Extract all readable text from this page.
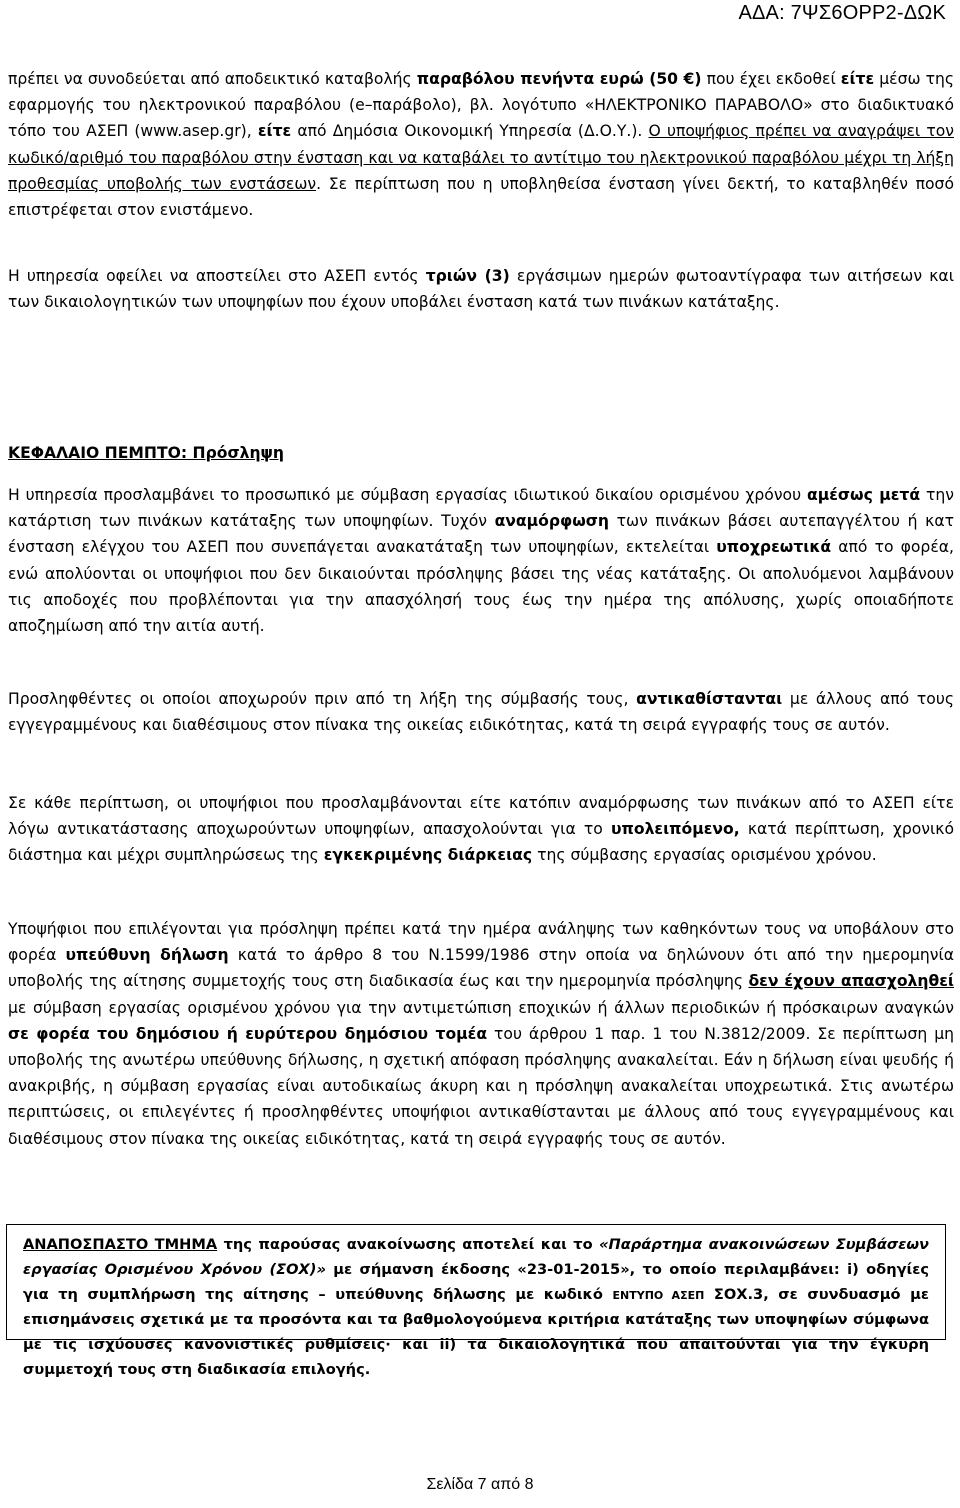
ΑΔΑ: 7ΨΣ6ΟΡΡ2-ΔΩΚ
πρέπει να συνοδεύεται από αποδεικτικό καταβολής παραβόλου πενήντα ευρώ (50 €) που έχει εκδοθεί είτε μέσω της εφαρμογής του ηλεκτρονικού παραβόλου (e–παράβολο), βλ. λογότυπο «ΗΛΕΚΤΡΟΝΙΚΟ ΠΑΡΑΒΟΛΟ» στο διαδικτυακό τόπο του ΑΣΕΠ (www.asep.gr), είτε από Δημόσια Οικονομική Υπηρεσία (Δ.Ο.Υ.). Ο υποψήφιος πρέπει να αναγράψει τον κωδικό/αριθμό του παραβόλου στην ένσταση και να καταβάλει το αντίτιμο του ηλεκτρονικού παραβόλου μέχρι τη λήξη προθεσμίας υποβολής των ενστάσεων. Σε περίπτωση που η υποβληθείσα ένσταση γίνει δεκτή, το καταβληθέν ποσό επιστρέφεται στον ενιστάμενο.
Η υπηρεσία οφείλει να αποστείλει στο ΑΣΕΠ εντός τριών (3) εργάσιμων ημερών φωτοαντίγραφα των αιτήσεων και των δικαιολογητικών των υποψηφίων που έχουν υποβάλει ένσταση κατά των πινάκων κατάταξης.
ΚΕΦΑΛΑΙΟ ΠΕΜΠΤΟ: Πρόσληψη
Η υπηρεσία προσλαμβάνει το προσωπικό με σύμβαση εργασίας ιδιωτικού δικαίου ορισμένου χρόνου αμέσως μετά την κατάρτιση των πινάκων κατάταξης των υποψηφίων. Τυχόν αναμόρφωση των πινάκων βάσει αυτεπαγγέλτου ή κατ ένσταση ελέγχου του ΑΣΕΠ που συνεπάγεται ανακατάταξη των υποψηφίων, εκτελείται υποχρεωτικά από το φορέα, ενώ απολύονται οι υποψήφιοι που δεν δικαιούνται πρόσληψης βάσει της νέας κατάταξης. Οι απολυόμενοι λαμβάνουν τις αποδοχές που προβλέπονται για την απασχόλησή τους έως την ημέρα της απόλυσης, χωρίς οποιαδήποτε αποζημίωση από την αιτία αυτή.
Προσληφθέντες οι οποίοι αποχωρούν πριν από τη λήξη της σύμβασής τους, αντικαθίστανται με άλλους από τους εγγεγραμμένους και διαθέσιμους στον πίνακα της οικείας ειδικότητας, κατά τη σειρά εγγραφής τους σε αυτόν.
Σε κάθε περίπτωση, οι υποψήφιοι που προσλαμβάνονται είτε κατόπιν αναμόρφωσης των πινάκων από το ΑΣΕΠ είτε λόγω αντικατάστασης αποχωρούντων υποψηφίων, απασχολούνται για το υπολειπόμενο, κατά περίπτωση, χρονικό διάστημα και μέχρι συμπληρώσεως της εγκεκριμένης διάρκειας της σύμβασης εργασίας ορισμένου χρόνου.
Υποψήφιοι που επιλέγονται για πρόσληψη πρέπει κατά την ημέρα ανάληψης των καθηκόντων τους να υποβάλουν στο φορέα υπεύθυνη δήλωση κατά το άρθρο 8 του Ν.1599/1986 στην οποία να δηλώνουν ότι από την ημερομηνία υποβολής της αίτησης συμμετοχής τους στη διαδικασία έως και την ημερομηνία πρόσληψης δεν έχουν απασχοληθεί με σύμβαση εργασίας ορισμένου χρόνου για την αντιμετώπιση εποχικών ή άλλων περιοδικών ή πρόσκαιρων αναγκών σε φορέα του δημόσιου ή ευρύτερου δημόσιου τομέα του άρθρου 1 παρ. 1 του Ν.3812/2009. Σε περίπτωση μη υποβολής της ανωτέρω υπεύθυνης δήλωσης, η σχετική απόφαση πρόσληψης ανακαλείται. Εάν η δήλωση είναι ψευδής ή ανακριβής, η σύμβαση εργασίας είναι αυτοδικαίως άκυρη και η πρόσληψη ανακαλείται υποχρεωτικά. Στις ανωτέρω περιπτώσεις, οι επιλεγέντες ή προσληφθέντες υποψήφιοι αντικαθίστανται με άλλους από τους εγγεγραμμένους και διαθέσιμους στον πίνακα της οικείας ειδικότητας, κατά τη σειρά εγγραφής τους σε αυτόν.
ΑΝΑΠΟΣΠΑΣΤΟ ΤΜΗΜΑ της παρούσας ανακοίνωσης αποτελεί και το «Παράρτημα ανακοινώσεων Συμβάσεων εργασίας Ορισμένου Χρόνου (ΣΟΧ)» με σήμανση έκδοσης «23-01-2015», το οποίο περιλαμβάνει: i) οδηγίες για τη συμπλήρωση της αίτησης – υπεύθυνης δήλωσης με κωδικό ΕΝΤΥΠΟ ΑΣΕΠ ΣΟΧ.3, σε συνδυασμό με επισημάνσεις σχετικά με τα προσόντα και τα βαθμολογούμενα κριτήρια κατάταξης των υποψηφίων σύμφωνα με τις ισχύουσες κανονιστικές ρυθμίσεις· και ii) τα δικαιολογητικά που απαιτούνται για την έγκυρη συμμετοχή τους στη διαδικασία επιλογής.
Σελίδα 7 από 8
